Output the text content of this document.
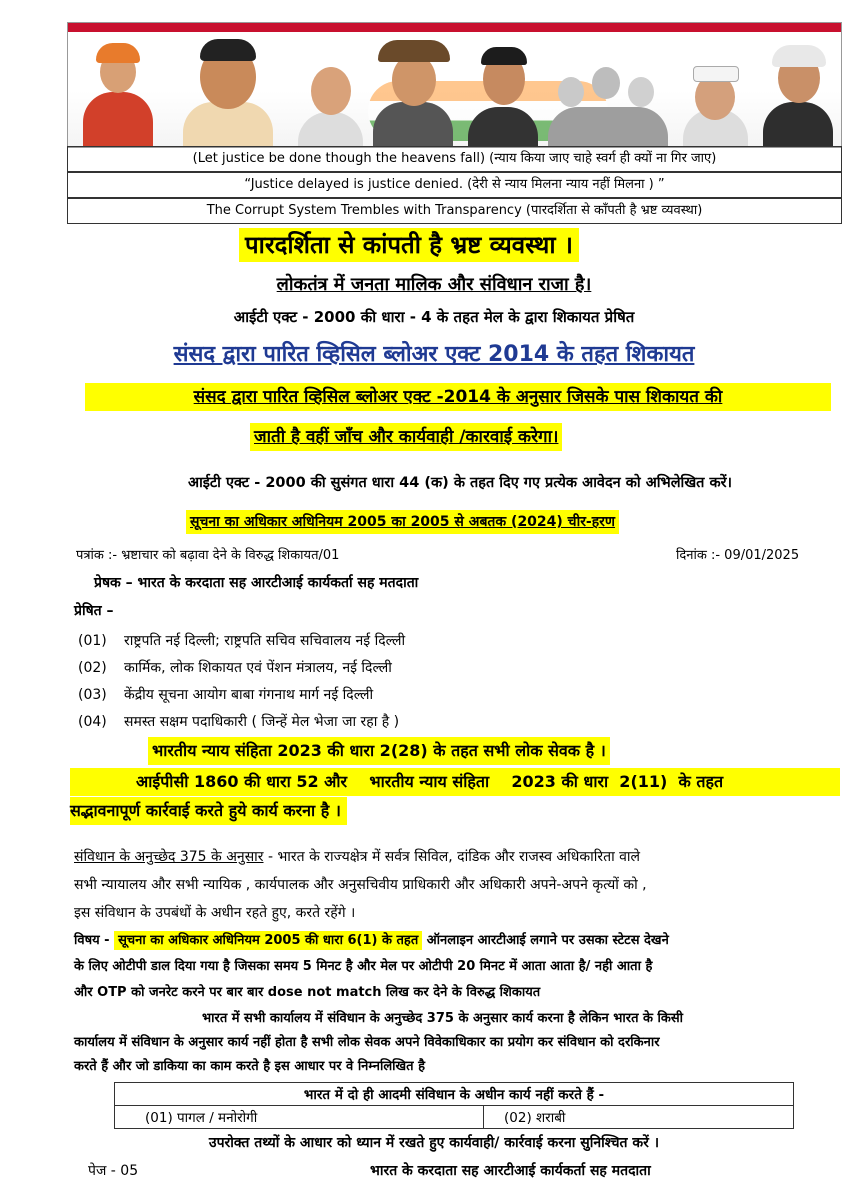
(Let justice be done though the heavens fall) (न्याय किया जाए चाहे स्वर्ग ही क्यों ना गिर जाए)
“Justice delayed is justice denied. (देरी से न्याय मिलना न्याय नहीं मिलना ) ”
The Corrupt System Trembles with Transparency (पारदर्शिता से काँपती है भ्रष्ट व्यवस्था)
पारदर्शिता से कांपती है भ्रष्ट व्यवस्था ।
लोकतंत्र में जनता मालिक और संविधान राजा है।
आईटी एक्ट - 2000 की धारा - 4 के तहत मेल के द्वारा शिकायत प्रेषित
संसद द्वारा पारित व्हिसिल ब्लोअर एक्ट 2014 के तहत शिकायत
संसद द्वारा पारित व्हिसिल ब्लोअर एक्ट -2014 के अनुसार जिसके पास शिकायत की
जाती है वहीं जाँच और कार्यवाही /कारवाई करेगा।
आईटी एक्ट - 2000 की सुसंगत धारा 44 (क) के तहत दिए गए प्रत्येक आवेदन को अभिलेखित करें।
सूचना का अधिकार अधिनियम 2005 का 2005 से अबतक (2024) चीर-हरण
पत्रांक :- भ्रष्टाचार को बढ़ावा देने के विरुद्ध शिकायत/01	दिनांक :- 09/01/2025
प्रेषक – भारत के करदाता सह आरटीआई कार्यकर्ता सह मतदाता
प्रेषित –
(01) राष्ट्रपति नई दिल्ली; राष्ट्रपति सचिव सचिवालय नई दिल्ली
(02) कार्मिक, लोक शिकायत एवं पेंशन मंत्रालय, नई दिल्ली
(03) केंद्रीय सूचना आयोग बाबा गंगनाथ मार्ग नई दिल्ली
(04) समस्त सक्षम पदाधिकारी ( जिन्हें मेल भेजा जा रहा है )
भारतीय न्याय संहिता 2023 की धारा 2(28) के तहत सभी लोक सेवक है ।
आईपीसी 1860 की धारा 52 और    भारतीय न्याय संहिता    2023 की धारा  2(11)  के तहत
सद्भावनापूर्ण कार्रवाई करते हुये कार्य करना है ।
संविधान के अनुच्छेद 375 के अनुसार - भारत के राज्यक्षेत्र में सर्वत्र सिविल, दांडिक और राजस्व अधिकारिता वाले
सभी न्यायालय और सभी न्यायिक , कार्यपालक और अनुसचिवीय प्राधिकारी और अधिकारी अपने-अपने कृत्यों को ,
इस संविधान के उपबंधों के अधीन रहते हुए, करते रहेंगे ।
विषय - सूचना का अधिकार अधिनियम 2005 की धारा 6(1) के तहत ऑनलाइन आरटीआई लगाने पर उसका स्टेटस देखने
के लिए ओटीपी डाल दिया गया है जिसका समय 5 मिनट है और मेल पर ओटीपी 20 मिनट में आता आता है/ नही आता है
और OTP को जनरेट करने पर बार बार dose not match लिख कर देने के विरुद्ध शिकायत
भारत में सभी कार्यालय में संविधान के अनुच्छेद 375 के अनुसार कार्य करना है लेकिन भारत के किसी
कार्यालय में संविधान के अनुसार कार्य नहीं होता है सभी लोक सेवक अपने विवेकाधिकार का प्रयोग कर संविधान को दरकिनार
करते हैं और जो डाकिया का काम करते है इस आधार पर वे निम्नलिखित है
भारत में दो ही आदमी संविधान के अधीन कार्य नहीं करते हैं -
(01) पागल / मनोरोगी	(02) शराबी
उपरोक्त तथ्यों के आधार को ध्यान में रखते हुए कार्यवाही/ कार्रवाई करना सुनिश्चित करें ।
पेज - 05	भारत के करदाता सह आरटीआई कार्यकर्ता सह मतदाता
